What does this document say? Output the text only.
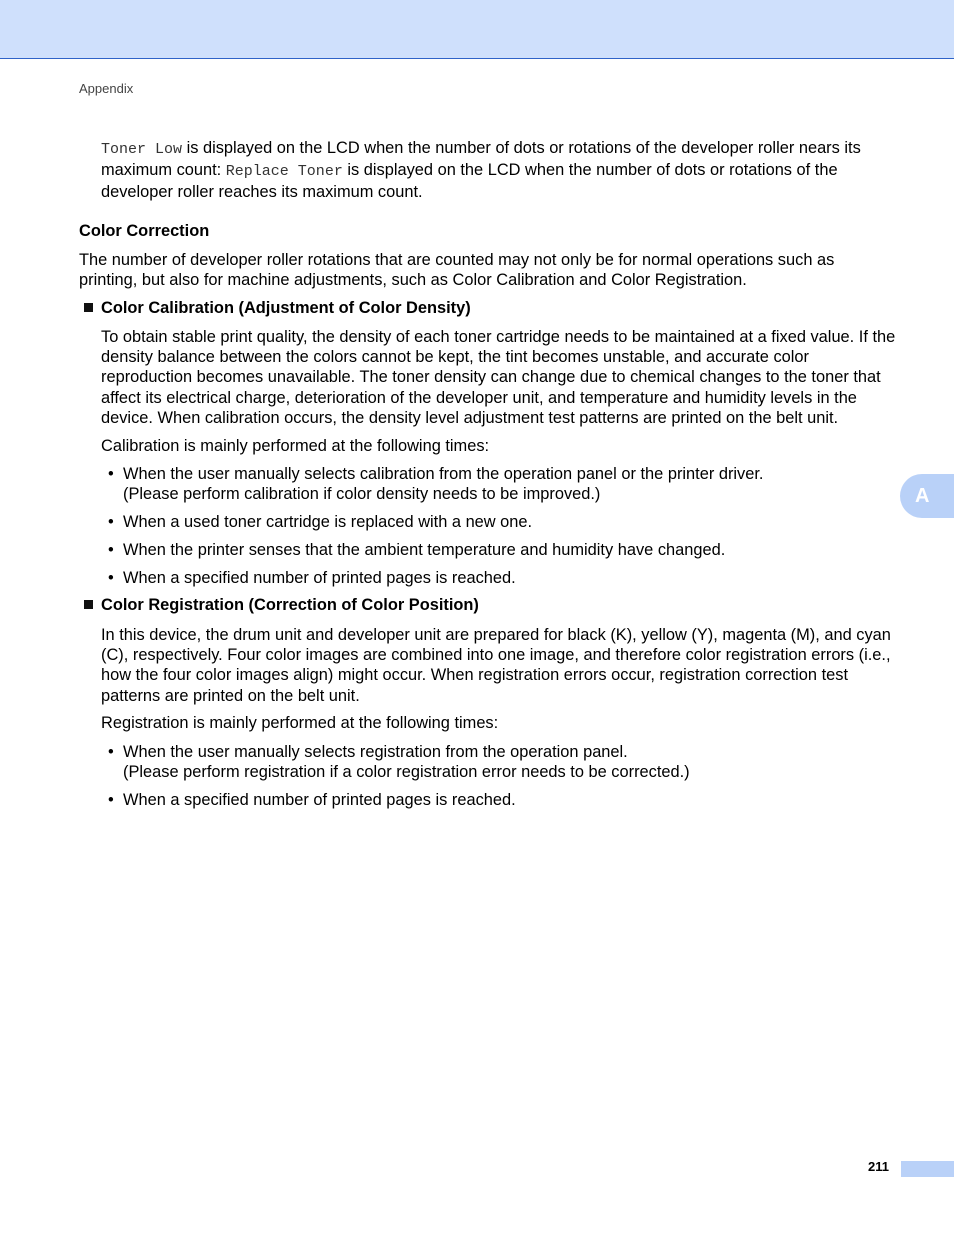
Appendix

Toner Low is displayed on the LCD when the number of dots or rotations of the developer roller nears its maximum count: Replace Toner is displayed on the LCD when the number of dots or rotations of the developer roller reaches its maximum count.

Color Correction

The number of developer roller rotations that are counted may not only be for normal operations such as printing, but also for machine adjustments, such as Color Calibration and Color Registration.

Color Calibration (Adjustment of Color Density)

To obtain stable print quality, the density of each toner cartridge needs to be maintained at a fixed value. If the density balance between the colors cannot be kept, the tint becomes unstable, and accurate color reproduction becomes unavailable. The toner density can change due to chemical changes to the toner that affect its electrical charge, deterioration of the developer unit, and temperature and humidity levels in the device. When calibration occurs, the density level adjustment test patterns are printed on the belt unit.

Calibration is mainly performed at the following times:

• When the user manually selects calibration from the operation panel or the printer driver.
(Please perform calibration if color density needs to be improved.)
• When a used toner cartridge is replaced with a new one.
• When the printer senses that the ambient temperature and humidity have changed.
• When a specified number of printed pages is reached.
Color Registration (Correction of Color Position)

In this device, the drum unit and developer unit are prepared for black (K), yellow (Y), magenta (M), and cyan (C), respectively. Four color images are combined into one image, and therefore color registration errors (i.e., how the four color images align) might occur. When registration errors occur, registration correction test patterns are printed on the belt unit.

Registration is mainly performed at the following times:

• When the user manually selects registration from the operation panel.
(Please perform registration if a color registration error needs to be corrected.)
• When a specified number of printed pages is reached.
A
211
